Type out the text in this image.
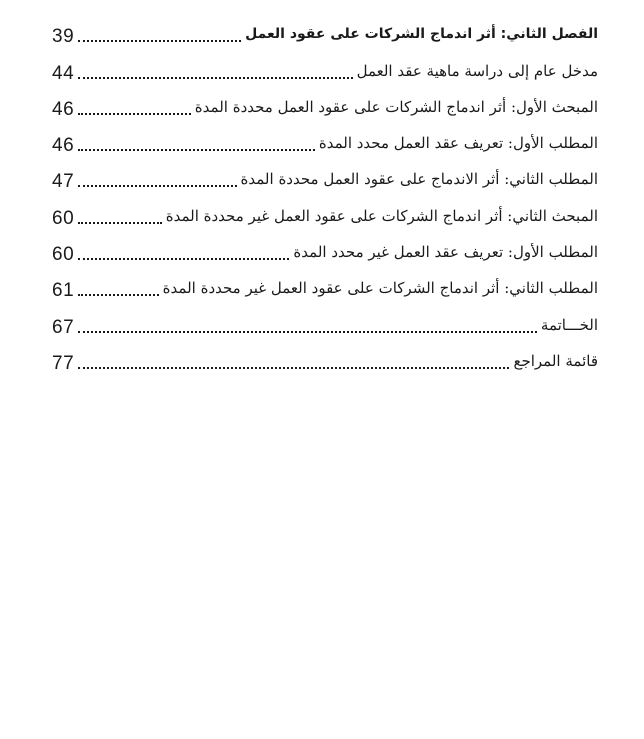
39	الفصل الثاني: أثر اندماج الشركات على عقود العمل
44	مدخل عام إلى دراسة ماهية عقد العمل
46	المبحث الأول: أثر اندماج الشركات على عقود العمل محددة المدة
46	المطلب الأول: تعريف عقد العمل محدد المدة
47	المطلب الثاني: أثر الاندماج على عقود العمل محددة المدة
60	المبحث الثاني: أثر اندماج الشركات على عقود العمل غير محددة المدة
60	المطلب الأول: تعريف عقد العمل غير محدد المدة
61	المطلب الثاني: أثر اندماج الشركات على عقود العمل غير محددة المدة
67	الخـــاتمة
77	قائمة المراجع
